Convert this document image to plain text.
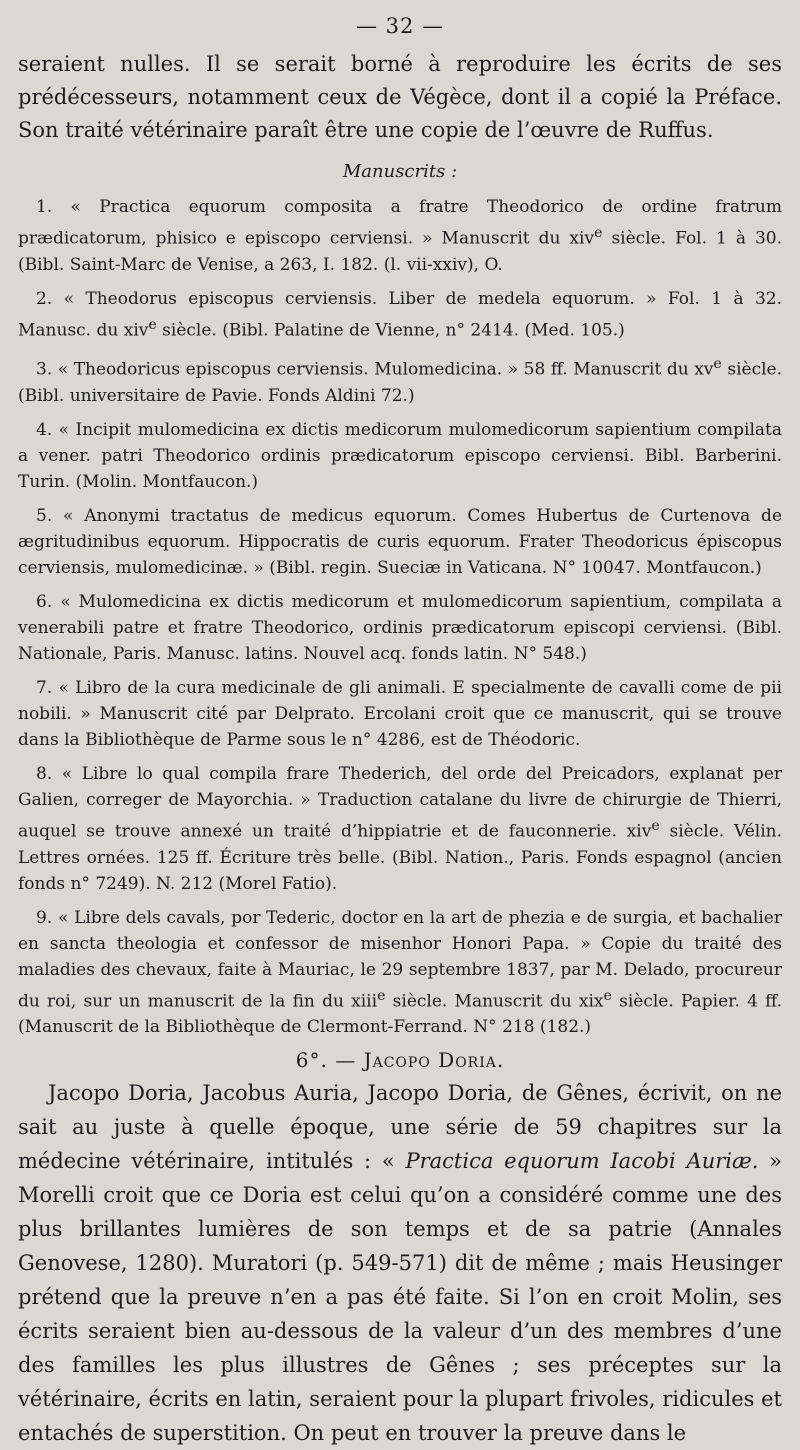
— 32 —

seraient nulles. Il se serait borné à reproduire les écrits de ses prédécesseurs, notamment ceux de Végèce, dont il a copié la Préface. Son traité vétérinaire paraît être une copie de l’œuvre de Ruffus.

Manuscrits :
1. « Practica equorum composita a fratre Theodorico de ordine fratrum prædicatorum, phisico e episcopo cerviensi. » Manuscrit du xiv$^e$ siècle. Fol. 1 à 30. (Bibl. Saint-Marc de Venise, a 263, I. 182. (l. vii-xxiv), O.
2. « Theodorus episcopus cerviensis. Liber de medela equorum. » Fol. 1 à 32. Manusc. du xiv$^e$ siècle. (Bibl. Palatine de Vienne, n° 2414. (Med. 105.)
3. « Theodoricus episcopus cerviensis. Mulomedicina. » 58 ff. Manuscrit du $xv^e$ siècle. (Bibl. universitaire de Pavie. Fonds Aldini 72.)
4. « Incipit mulomedicina ex dictis medicorum mulomedicorum sapientium compilata a vener. patri Theodorico ordinis prædicatorum episcopo cerviensi. Bibl. Barberini. Turin. (Molin. Montfaucon.)
5. « Anonymi tractatus de medicus equorum. Comes Hubertus de Curtenova de ægritudinibus equorum. Hippocratis de curis equorum. Frater Theodoricus épiscopus cerviensis, mulomedicinæ. » (Bibl. regin. Sueciæ in Vaticana. N° 10047. Montfaucon.)
6. « Mulomedicina ex dictis medicorum et mulomedicorum sapientium, compilata a venerabili patre et fratre Theodorico, ordinis prædicatorum episcopi cerviensi. (Bibl. Nationale, Paris. Manusc. latins. Nouvel acq. fonds latin. N° 548.)
7. « Libro de la cura medicinale de gli animali. E specialmente de cavalli come de pii nobili. » Manuscrit cité par Delprato. Ercolani croit que ce manuscrit, qui se trouve dans la Bibliothèque de Parme sous le n° 4286, est de Théodoric.
8. « Libre lo qual compila frare Thederich, del orde del Preicadors, explanat per Galien, correger de Mayorchia. » Traduction catalane du livre de chirurgie de Thierri, auquel se trouve annexé un traité d’hippiatrie et de fauconnerie. xiv$^e$ siècle. Vélin. Lettres ornées. 125 ff. Écriture très belle. (Bibl. Nation., Paris. Fonds espagnol (ancien fonds n° 7249). N. 212 (Morel Fatio).
9. « Libre dels cavals, por Tederic, doctor en la art de phezia e de surgia, et bachalier en sancta theologia et confessor de misenhor Honori Papa. » Copie du traité des maladies des chevaux, faite à Mauriac, le 29 septembre 1837, par M. Delado, procureur du roi, sur un manuscrit de la fin du xiii$^e$ siècle. Manuscrit du xix$^e$ siècle. Papier. 4 ff. (Manuscrit de la Bibliothèque de Clermont-Ferrand. N° 218 (182.)
6°. — Jacopo Doria.

Jacopo Doria, Jacobus Auria, Jacopo Doria, de Gênes, écrivit, on ne sait au juste à quelle époque, une série de 59 chapitres sur la médecine vétérinaire, intitulés : « Practica equorum Iacobi Auriæ. » Morelli croit que ce Doria est celui qu’on a considéré comme une des plus brillantes lumières de son temps et de sa patrie (Annales Genovese, 1280). Muratori (p. 549-571) dit de même ; mais Heusinger prétend que la preuve n’en a pas été faite. Si l’on en croit Molin, ses écrits seraient bien au-dessous de la valeur d’un des membres d’une des familles les plus illustres de Gênes ; ses préceptes sur la vétérinaire, écrits en latin, seraient pour la plupart frivoles, ridicules et entachés de superstition. On peut en trouver la preuve dans le
